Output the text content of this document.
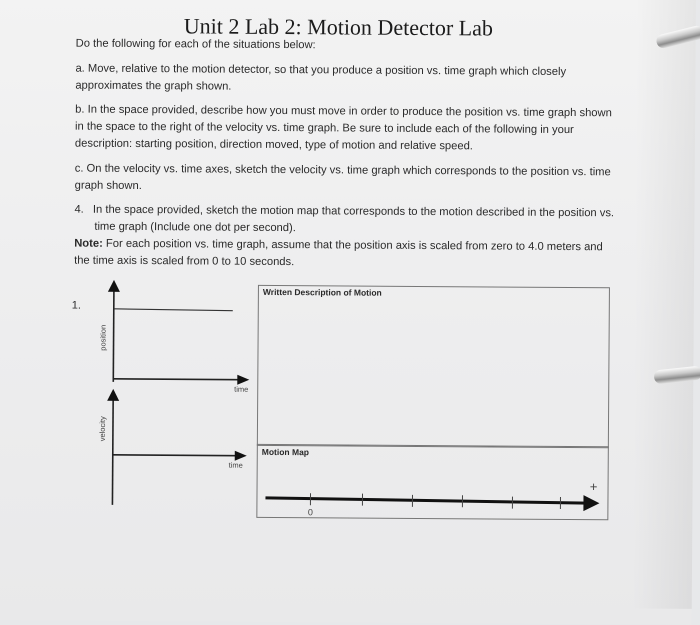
Unit 2 Lab 2: Motion Detector Lab
Do the following for each of the situations below:
a. Move, relative to the motion detector, so that you produce a position vs. time graph which closely approximates the graph shown.
b. In the space provided, describe how you must move in order to produce the position vs. time graph shown in the space to the right of the velocity vs. time graph. Be sure to include each of the following in your description: starting position, direction moved, type of motion and relative speed.
c. On the velocity vs. time axes, sketch the velocity vs. time graph which corresponds to the position vs. time graph shown.
4. In the space provided, sketch the motion map that corresponds to the motion described in the position vs. time graph (Include one dot per second).
Note: For each position vs. time graph, assume that the position axis is scaled from zero to 4.0 meters and the time axis is scaled from 0 to 10 seconds.
1.
position
time
velocity
time
Written Description of Motion
Motion Map
0
+
